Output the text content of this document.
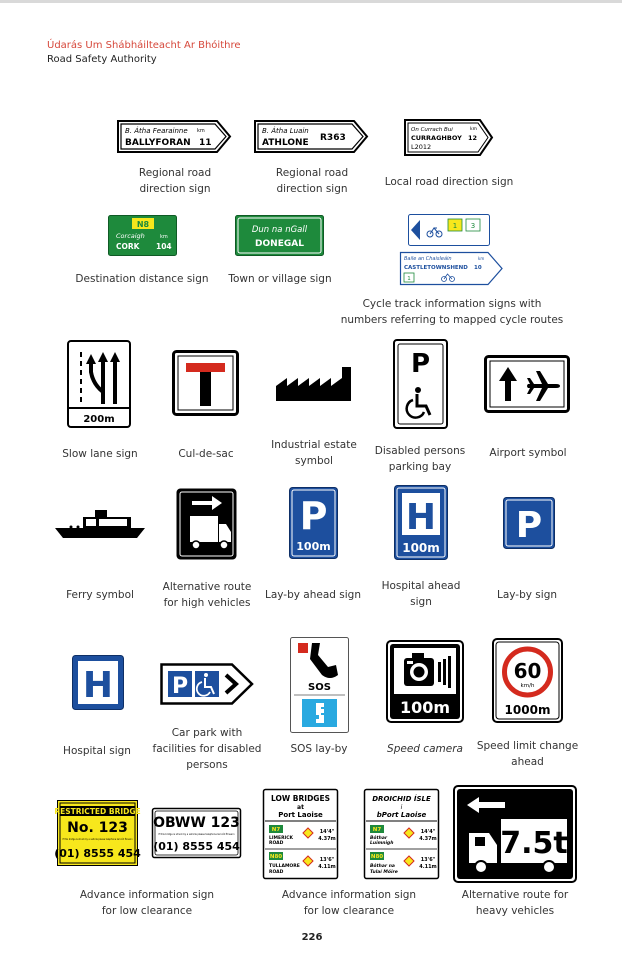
Údarás Um Shábháilteacht Ar Bhóithre
Road Safety Authority
B. Átha Fearainne km
BALLYFORAN 11
Regional road direction sign
B. Átha Luain
ATHLONE R363
Regional road direction sign
On Currach Bui	km
CURRAGHBOY 12
L2012
Local road direction sign
N8
Corcaigh	km
CORK 104
Destination distance sign
Dun na nGall
DONEGAL
Town or village sign
1 3
Baile an Chaisleáin	km
CASTLETOWNSHEND 10
1
Cycle track information signs with numbers referring to mapped cycle routes
200m
Slow lane sign	Cul-de-sac
Industrial estate symbol
P
Disabled persons parking bay
Airport symbol
Ferry symbol
Alternative route for high vehicles
P
100m
Lay-by ahead sign
H
100m
Hospital ahead sign
P
Lay-by sign
H
Hospital sign
P
Car park with facilities for disabled persons
SOS
SOS lay-by
100m
Speed camera
60
km/h
1000m
Speed limit change ahead
RESTRICTED BRIDGE
No. 123
If this bridge is struck by a vehicle please telephone Iarnród Éireann
(01) 8555 454
OBWW 123
If this bridge is struck by a vehicle please telephone Iarnród Éireann
(01) 8555 454
Advance information sign for low clearance
LOW BRIDGES
at
Port Laoise
N7
LIMERICK
ROAD
14'4"
4.37m
N80
TULLAMORE
ROAD
13'6"
4.11m
DROICHID ÍSLE
i
bPort Laoise
N7
Bóthar
Luimnigh
14'4"
4.37m
N80
Bóthar na
Tulaí Móire
13'6"
4.11m
Advance information sign for low clearance
7.5t
Alternative route for heavy vehicles
226
